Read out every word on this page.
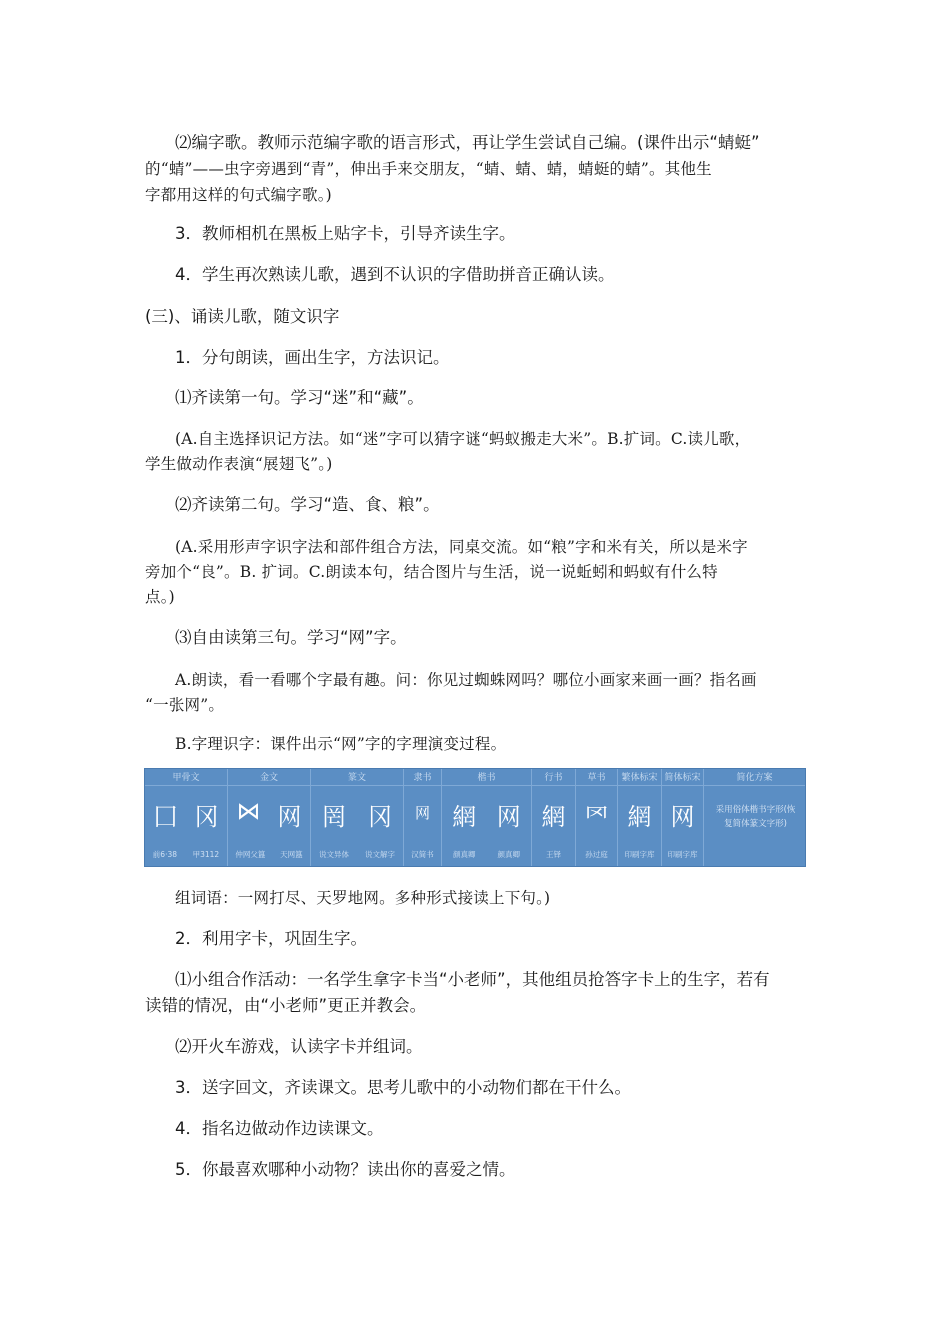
⑵编字歌。教师示范编字歌的语言形式，再让学生尝试自己编。(课件出示“蜻蜓”
的“蜻”——虫字旁遇到“青”，伸出手来交朋友，“蜻、蜻、蜻，蜻蜓的蜻”。其他生
字都用这样的句式编字歌。)
3．教师相机在黑板上贴字卡，引导齐读生字。
4．学生再次熟读儿歌，遇到不认识的字借助拼音正确认读。
(三)、诵读儿歌，随文识字
1．分句朗读，画出生字，方法识记。
⑴齐读第一句。学习“迷”和“藏”。
(A.自主选择识记方法。如“迷”字可以猜字谜“蚂蚁搬走大米”。B.扩词。C.读儿歌，
学生做动作表演“展翅飞”。)
⑵齐读第二句。学习“造、食、粮”。
(A.采用形声字识字法和部件组合方法，同桌交流。如“粮”字和米有关，所以是米字
旁加个“良”。B. 扩词。C.朗读本句，结合图片与生活，说一说蚯蚓和蚂蚁有什么特
点。)
⑶自由读第三句。学习“网”字。
A.朗读，看一看哪个字最有趣。问：你见过蜘蛛网吗？哪位小画家来画一画？指名画
“一张网”。
B.字理识字：课件出示“网”字的字理演变过程。
甲骨文
囗 冈
前6·38 甲3112
金文
⋈ 网
仲网父簋 天网簋
篆文
罔 冈
说文异体 说文解字
隶书
网
汉简书
楷书
網 网
颜真卿	颜真卿
行书
網
王铎
草书
罓
孙过庭
繁体标宋
網
印刷字库
简体标宋
网
印刷字库
简化方案
采用俗体楷书字形(恢复简体篆文字形)
组词语：一网打尽、天罗地网。多种形式接读上下句。)
2．利用字卡，巩固生字。
⑴小组合作活动：一名学生拿字卡当“小老师”，其他组员抢答字卡上的生字，若有
读错的情况，由“小老师”更正并教会。
⑵开火车游戏，认读字卡并组词。
3．送字回文，齐读课文。思考儿歌中的小动物们都在干什么。
4．指名边做动作边读课文。
5．你最喜欢哪种小动物？读出你的喜爱之情。
